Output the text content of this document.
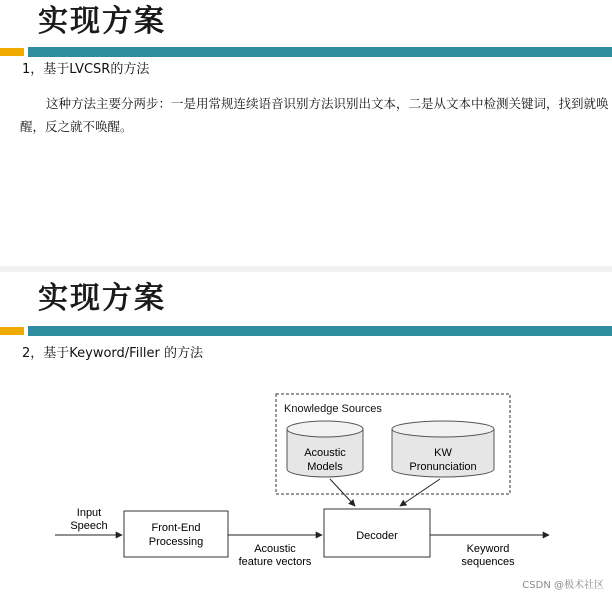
实现方案
1，基于LVCSR的方法
这种方法主要分两步：一是用常规连续语音识别方法识别出文本，二是从文本中检测关键词，找到就唤醒，反之就不唤醒。
实现方案
2，基于Keyword/Filler 的方法
Knowledge Sources
Acoustic
Models
KW
Pronunciation
Input
Speech	Front-End
Processing
Acoustic
feature vectors
Decoder
Keyword
sequences
CSDN @极术社区
